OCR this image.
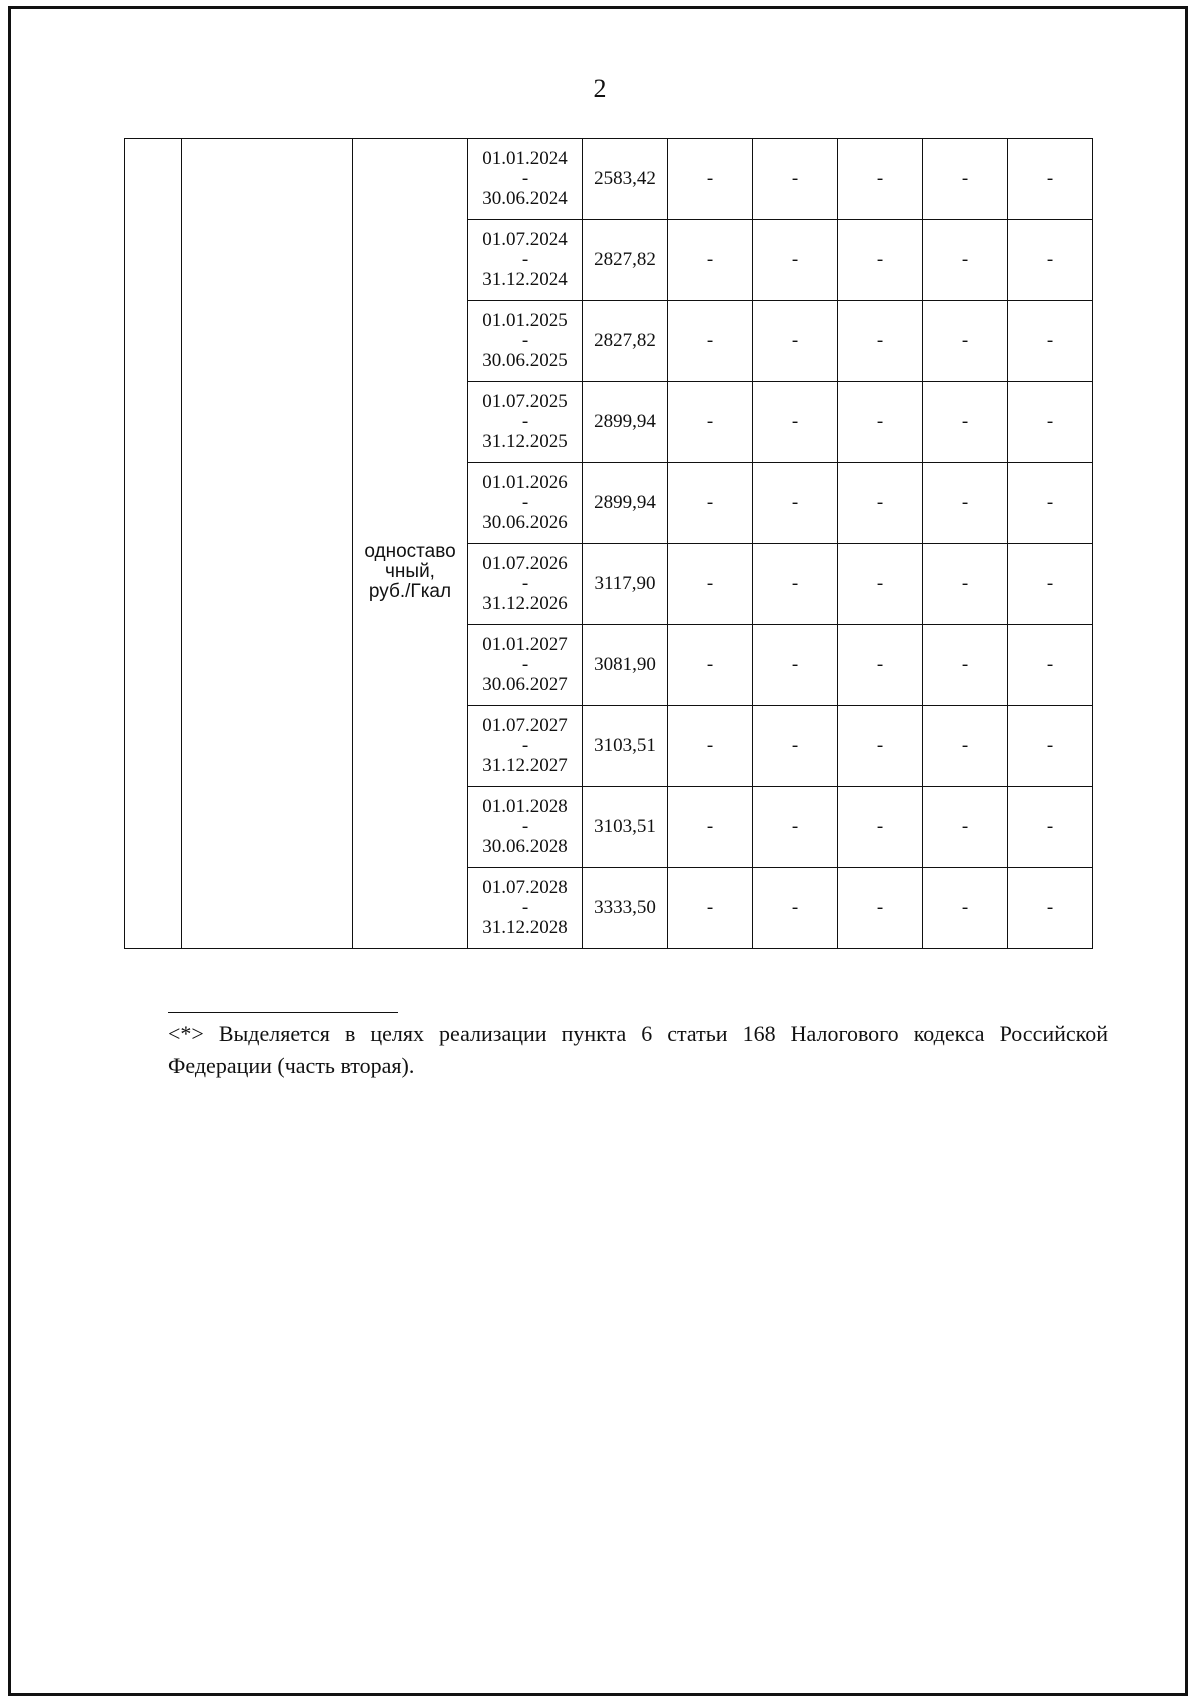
2

		одноставо
чный,
руб./Гкал	01.01.2024
-
30.06.2024	2583,42	-	-	-	-	-

			01.07.2024
-
31.12.2024	2827,82	-	-	-	-	-

			01.01.2025
-
30.06.2025	2827,82	-	-	-	-	-

			01.07.2025
-
31.12.2025	2899,94	-	-	-	-	-

			01.01.2026
-
30.06.2026	2899,94	-	-	-	-	-

			01.07.2026
-
31.12.2026	3117,90	-	-	-	-	-

			01.01.2027
-
30.06.2027	3081,90	-	-	-	-	-

			01.07.2027
-
31.12.2027	3103,51	-	-	-	-	-

			01.01.2028
-
30.06.2028	3103,51	-	-	-	-	-

			01.07.2028
-
31.12.2028	3333,50	-	-	-	-	-
<*> Выделяется в целях реализации пункта 6 статьи 168 Налогового кодекса Российской Федерации (часть вторая).
